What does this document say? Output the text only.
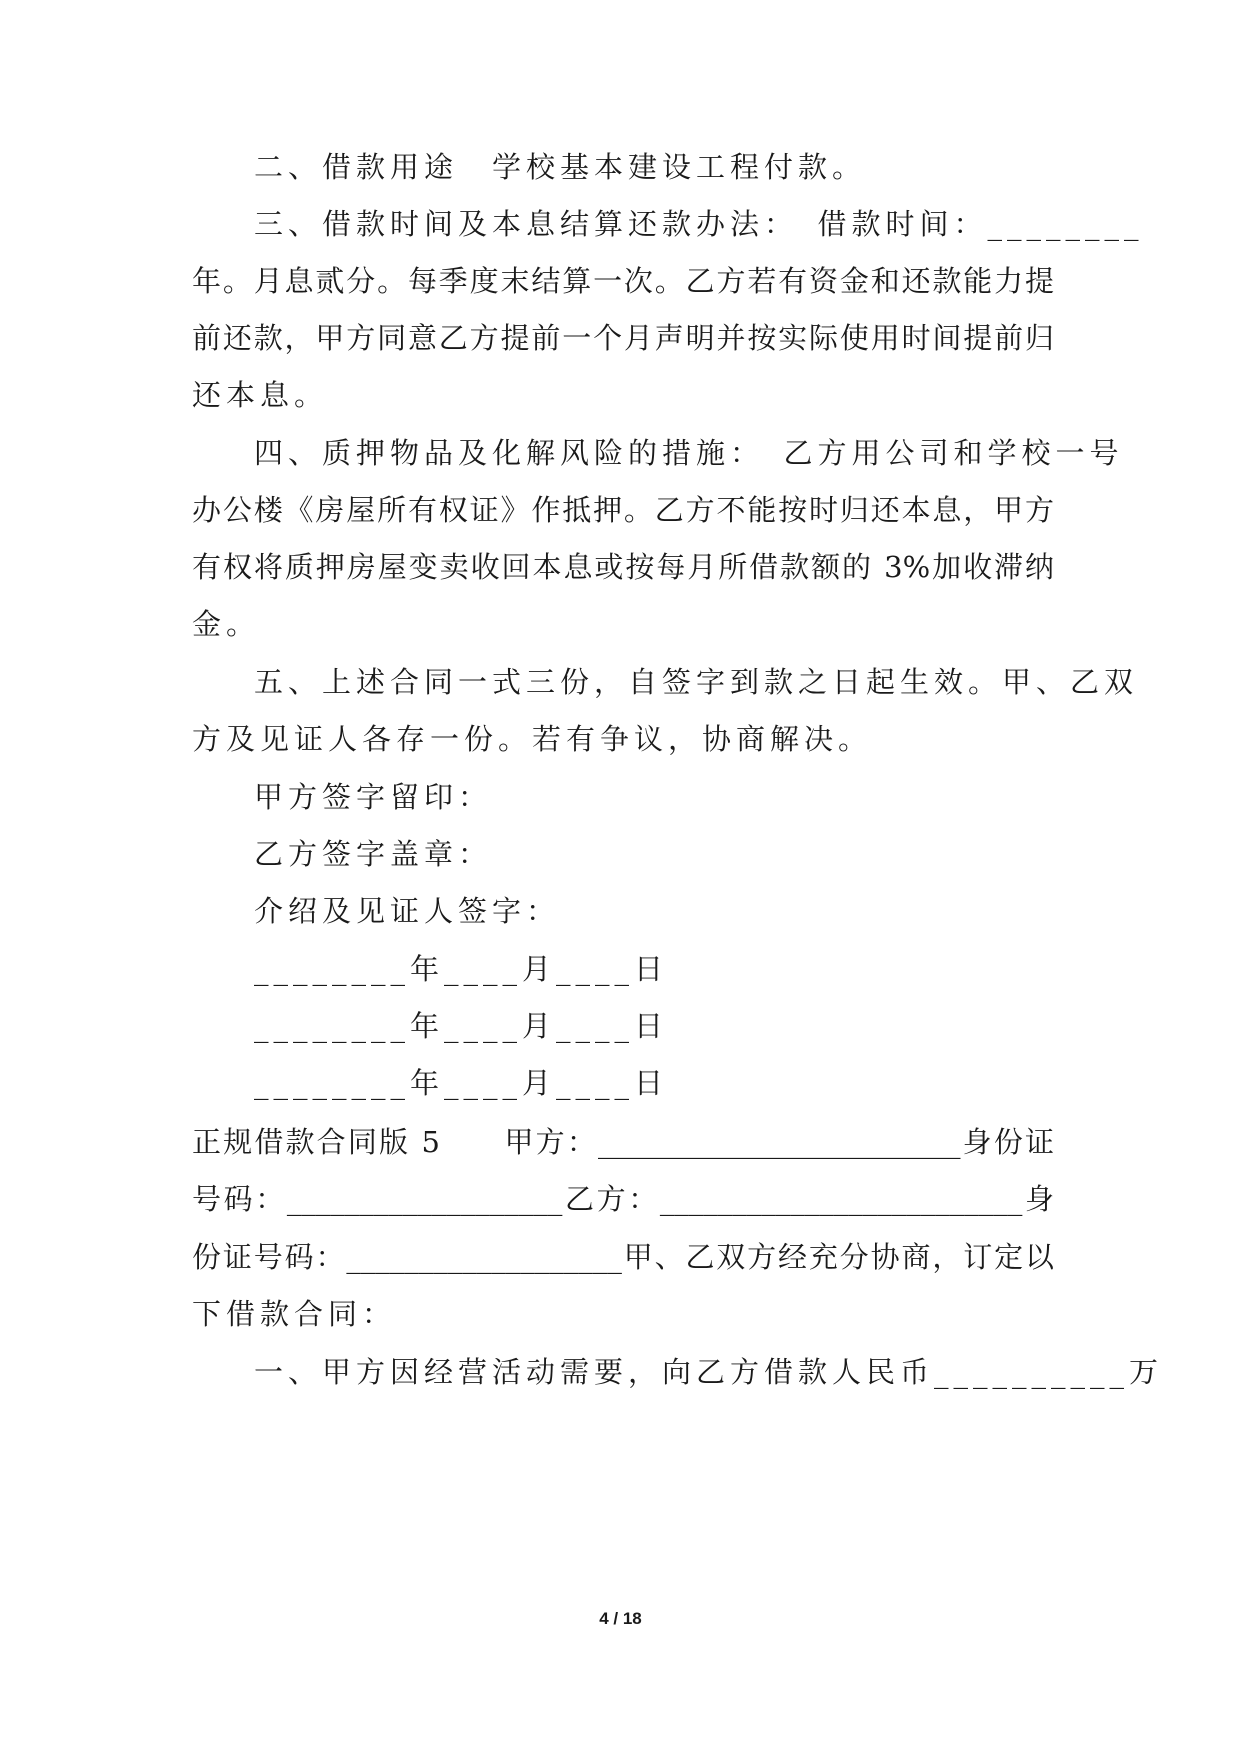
二、借款用途　学校基本建设工程付款。
三、借款时间及本息结算还款办法：　借款时间：________
年。月息贰分。每季度末结算一次。乙方若有资金和还款能力提
前还款，甲方同意乙方提前一个月声明并按实际使用时间提前归
还本息。
四、质押物品及化解风险的措施：　乙方用公司和学校一号
办公楼《房屋所有权证》作抵押。乙方不能按时归还本息，甲方
有权将质押房屋变卖收回本息或按每月所借款额的 3%加收滞纳
金。
五、上述合同一式三份，自签字到款之日起生效。甲、乙双
方及见证人各存一份。若有争议，协商解决。
甲方签字留印：
乙方签字盖章：
介绍及见证人签字：
________年____月____日
________年____月____日
________年____月____日
正规借款合同版 5　　甲方：_________________________身份证
号码：___________________乙方：_________________________身
份证号码：___________________甲、乙双方经充分协商，订定以
下借款合同：
一、甲方因经营活动需要，向乙方借款人民币__________万
4 / 18
